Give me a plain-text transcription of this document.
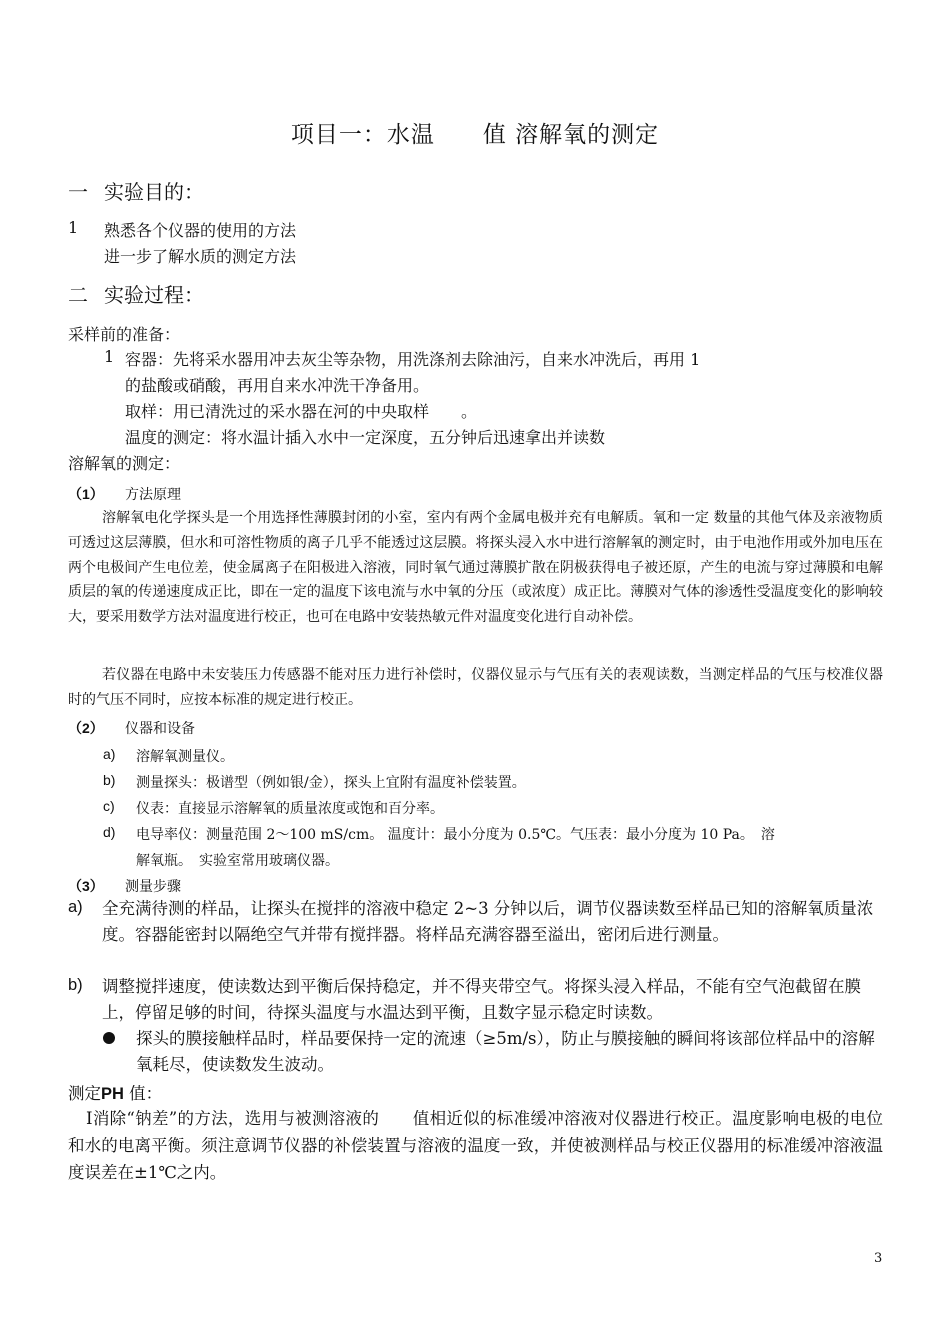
项目一：水温　　值 溶解氧的测定
一 实验目的：
1 熟悉各个仪器的使用的方法
进一步了解水质的测定方法
二 实验过程：
采样前的准备：
1 容器：先将采水器用冲去灰尘等杂物，用洗涤剂去除油污，自来水冲洗后，再用 1
的盐酸或硝酸，再用自来水冲洗干净备用。
取样：用已清洗过的采水器在河的中央取样　　。
温度的测定：将水温计插入水中一定深度，五分钟后迅速拿出并读数
溶解氧的测定：
（1） 方法原理
溶解氧电化学探头是一个用选择性薄膜封闭的小室，室内有两个金属电极并充有电解质。氧和一定 数量的其他气体及亲液物质可透过这层薄膜，但水和可溶性物质的离子几乎不能透过这层膜。将探头浸入水中进行溶解氧的测定时，由于电池作用或外加电压在两个电极间产生电位差，使金属离子在阳极进入溶液，同时氧气通过薄膜扩散在阴极获得电子被还原，产生的电流与穿过薄膜和电解质层的氧的传递速度成正比，即在一定的温度下该电流与水中氧的分压（或浓度）成正比。薄膜对气体的渗透性受温度变化的影响较大，要采用数学方法对温度进行校正，也可在电路中安装热敏元件对温度变化进行自动补偿。
若仪器在电路中未安装压力传感器不能对压力进行补偿时，仪器仪显示与气压有关的表观读数，当测定样品的气压与校准仪器时的气压不同时，应按本标准的规定进行校正。
（2） 仪器和设备
a) 溶解氧测量仪。
b) 测量探头：极谱型（例如银/金），探头上宜附有温度补偿装置。
c) 仪表：直接显示溶解氧的质量浓度或饱和百分率。
d) 电导率仪：测量范围 2～100 mS/cm。 温度计：最小分度为 0.5℃。气压表：最小分度为 10 Pa。　溶
解氧瓶。　实验室常用玻璃仪器。
（3） 测量步骤
a) 全充满待测的样品，让探头在搅拌的溶液中稳定 2~3 分钟以后，调节仪器读数至样品已知的溶解氧质量浓度。容器能密封以隔绝空气并带有搅拌器。将样品充满容器至溢出，密闭后进行测量。
b) 调整搅拌速度，使读数达到平衡后保持稳定，并不得夹带空气。将探头浸入样品，不能有空气泡截留在膜上，停留足够的时间，待探头温度与水温达到平衡，且数字显示稳定时读数。
探头的膜接触样品时，样品要保持一定的流速（≥5m/s），防止与膜接触的瞬间将该部位样品中的溶解氧耗尽，使读数发生波动。
测定PH 值：
I消除“钠差”的方法，选用与被测溶液的　　值相近似的标准缓冲溶液对仪器进行校正。温度影响电极的电位和水的电离平衡。须注意调节仪器的补偿装置与溶液的温度一致，并使被测样品与校正仪器用的标准缓冲溶液温度误差在±1℃之内。
3
